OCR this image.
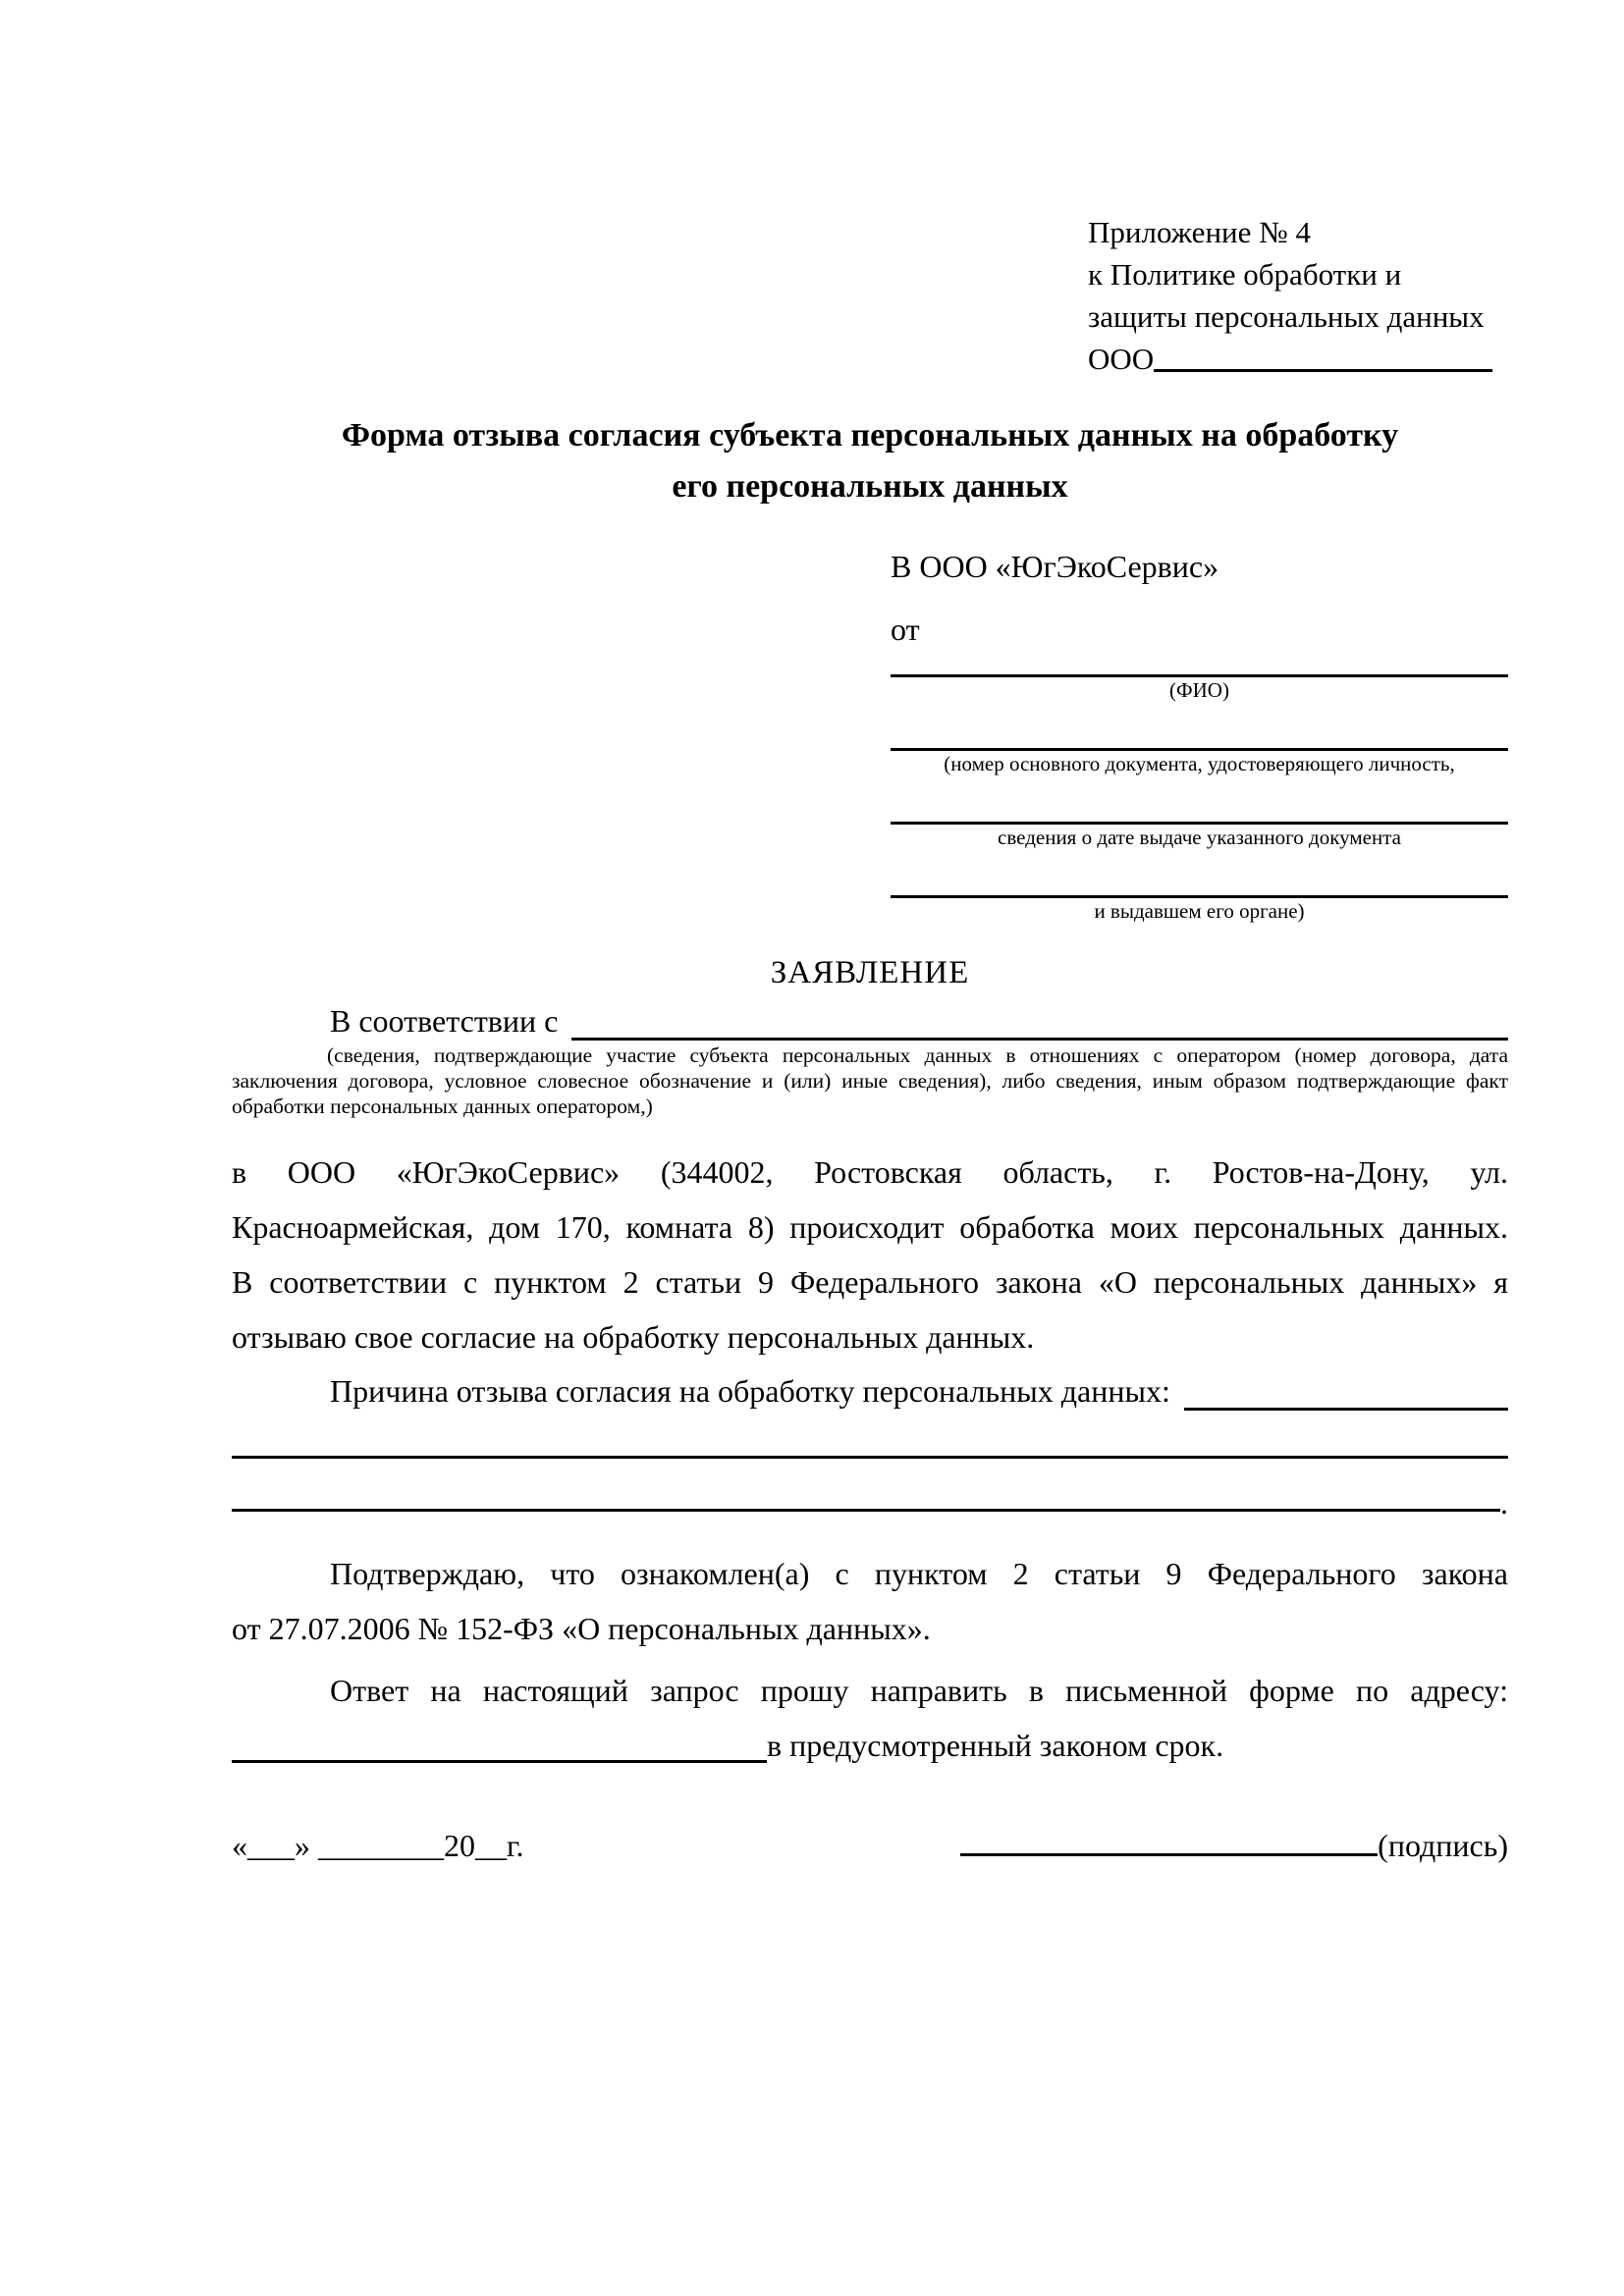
Приложение № 4
к Политике обработки и
защиты персональных данных
ООО
Форма отзыва согласия субъекта персональных данных на обработку
его персональных данных
В ООО «ЮгЭкоСервис»
от
(ФИО)
(номер основного документа, удостоверяющего личность,
сведения о дате выдаче указанного документа
и выдавшем его органе)
ЗАЯВЛЕНИЕ
В соответствии с
(сведения, подтверждающие участие субъекта персональных данных в отношениях с оператором (номер договора, дата
заключения договора, условное словесное обозначение и (или) иные сведения), либо сведения, иным образом подтверждающие факт
обработки персональных данных оператором,)
в ООО «ЮгЭкоСервис» (344002, Ростовская область, г. Ростов-на-Дону, ул.
Красноармейская, дом 170, комната 8) происходит обработка моих персональных данных.
В соответствии с пунктом 2 статьи 9 Федерального закона «О персональных данных» я
отзываю свое согласие на обработку персональных данных.
Причина отзыва согласия на обработку персональных данных:
.
Подтверждаю, что ознакомлен(а) с пунктом 2 статьи 9 Федерального закона
от 27.07.2006 № 152-ФЗ «О персональных данных».
Ответ на настоящий запрос прошу направить в письменной форме по адресу:
в предусмотренный законом срок.
«___» ________20__г.	(подпись)
